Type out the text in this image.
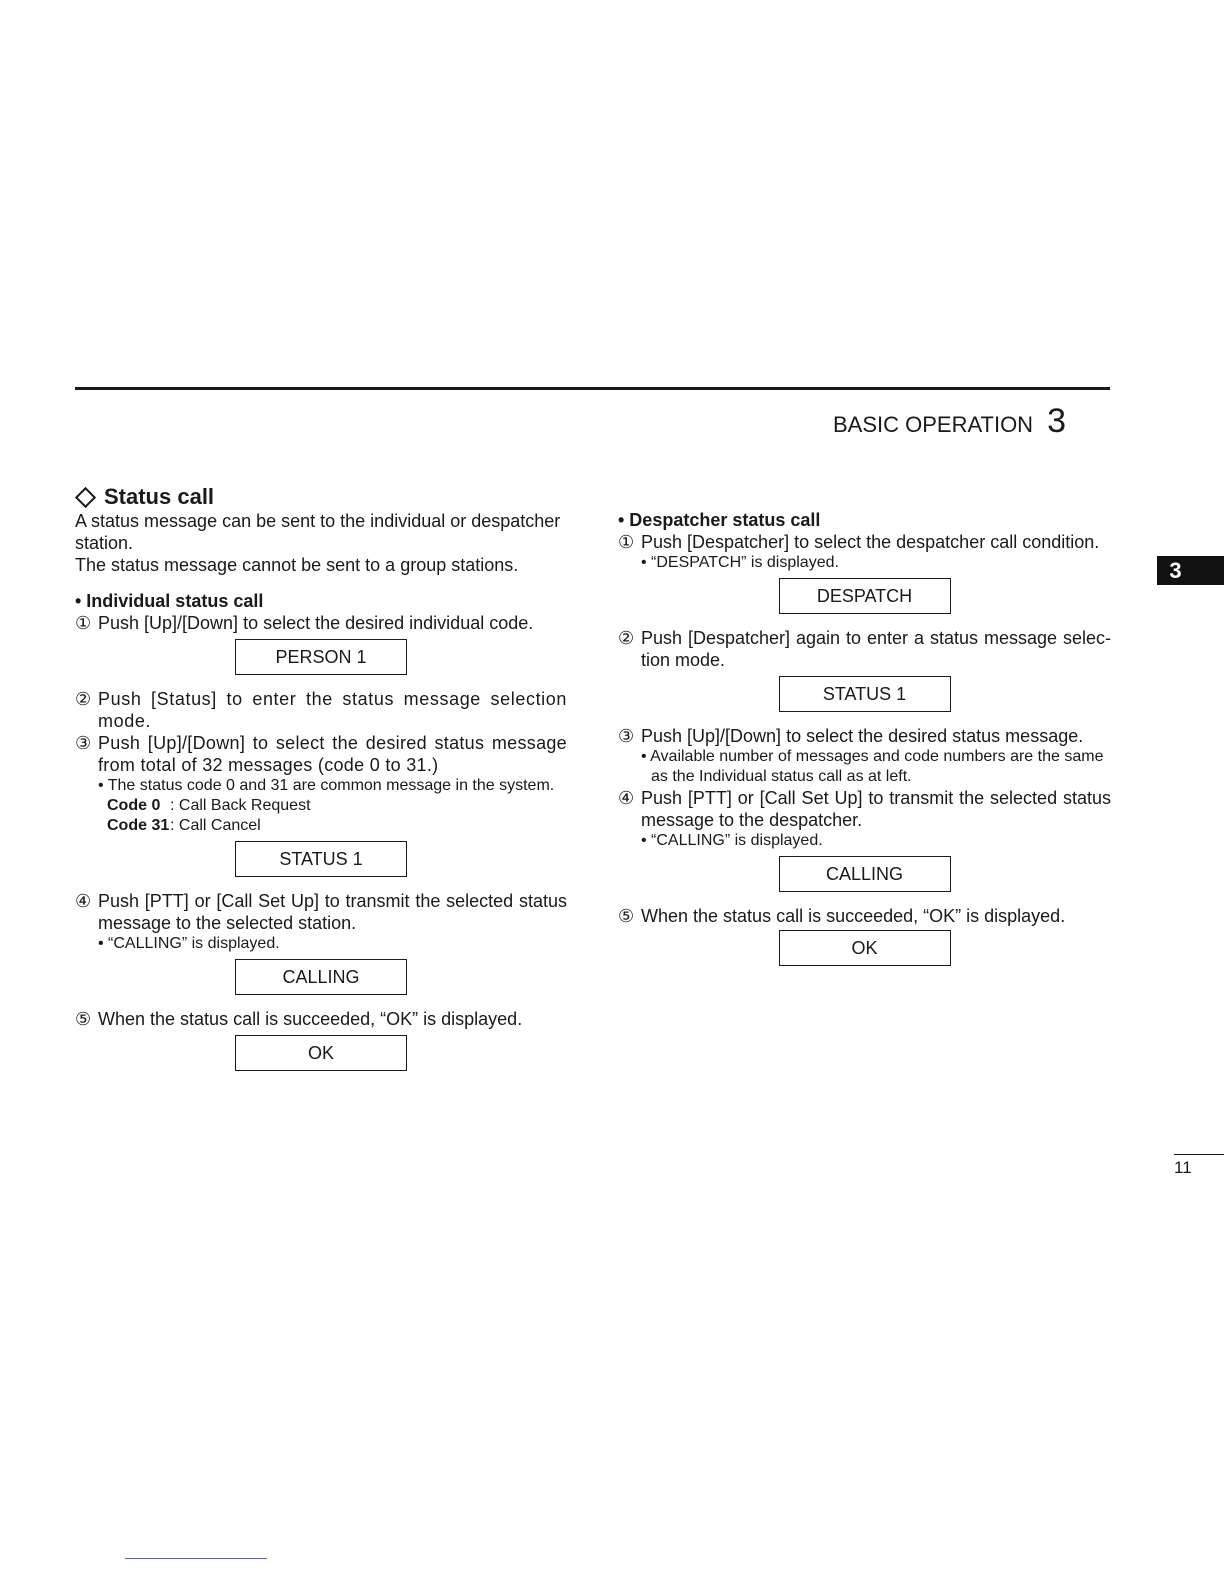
BASIC OPERATION 3
3
Status call

A status message can be sent to the individual or despatcher station.

The status message cannot be sent to a group stations.

• Individual status call

① Push [Up]/[Down] to select the desired individual code.
PERSON 1
② Push [Status] to enter the status message selection mode.
③ Push [Up]/[Down] to select the desired status message from total of 32 messages (code 0 to 31.)

• The status code 0 and 31 are common message in the system.

Code 0 : Call Back Request
Code 31: Call Cancel
STATUS 1
④ Push [PTT] or [Call Set Up] to transmit the selected status message to the selected station.

• “CALLING” is displayed.

CALLING
⑤ When the status call is succeeded, “OK” is displayed.
OK

• Despatcher status call

① Push [Despatcher] to select the despatcher call condition.

• “DESPATCH” is displayed.

DESPATCH
② Push [Despatcher] again to enter a status message selec-tion mode.
STATUS 1
③ Push [Up]/[Down] to select the desired status message.

• Available number of messages and code numbers are the same as the Individual status call as at left.

④ Push [PTT] or [Call Set Up] to transmit the selected status message to the despatcher.

• “CALLING” is displayed.

CALLING
⑤ When the status call is succeeded, “OK” is displayed.
OK
11
